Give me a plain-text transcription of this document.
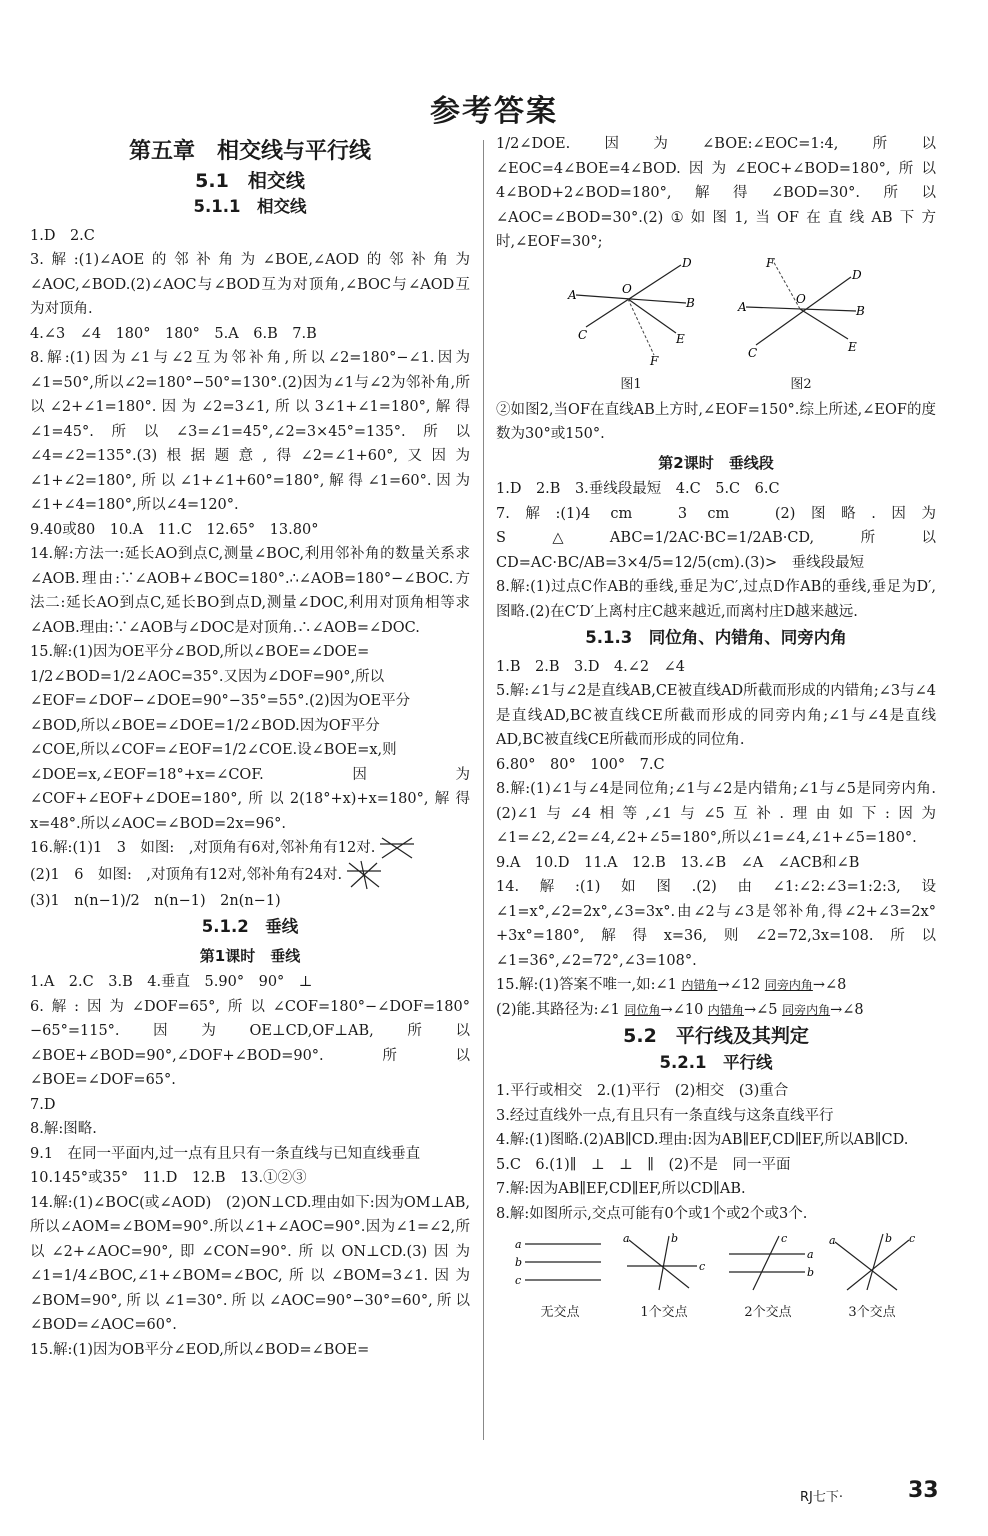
参考答案
第五章　相交线与平行线
5.1　相交线
5.1.1　相交线

1.D　2.C

3.解:(1)∠AOE的邻补角为∠BOE,∠AOD的邻补角为∠AOC,∠BOD.(2)∠AOC与∠BOD互为对顶角,∠BOC与∠AOD互为对顶角.

4.∠3　∠4　180°　180°　5.A　6.B　7.B

8.解:(1)因为∠1与∠2互为邻补角,所以∠2=180°−∠1.因为∠1=50°,所以∠2=180°−50°=130°.(2)因为∠1与∠2为邻补角,所以∠2+∠1=180°.因为∠2=3∠1,所以3∠1+∠1=180°,解得∠1=45°.所以∠3=∠1=45°,∠2=3×45°=135°.所以∠4=∠2=135°.(3)根据题意,得∠2=∠1+60°,又因为∠1+∠2=180°,所以∠1+∠1+60°=180°,解得∠1=60°.因为∠1+∠4=180°,所以∠4=120°.

9.40或80　10.A　11.C　12.65°　13.80°

14.解:方法一:延长AO到点C,测量∠BOC,利用邻补角的数量关系求∠AOB.理由:∵∠AOB+∠BOC=180°.∴∠AOB=180°−∠BOC.方法二:延长AO到点C,延长BO到点D,测量∠DOC,利用对顶角相等求∠AOB.理由:∵∠AOB与∠DOC是对顶角.∴∠AOB=∠DOC.

15.解:(1)因为OE平分∠BOD,所以∠BOE=∠DOE=

1/2∠BOD=1/2∠AOC=35°.又因为∠DOF=90°,所以

∠EOF=∠DOF−∠DOE=90°−35°=55°.(2)因为OE平分

∠BOD,所以∠BOE=∠DOE=1/2∠BOD.因为OF平分

∠COE,所以∠COF=∠EOF=1/2∠COE.设∠BOE=x,则

∠DOE=x,∠EOF=18°+x=∠COF.因为∠COF+∠EOF+∠DOE=180°,所以2(18°+x)+x=180°,解得x=48°.所以∠AOC=∠BOD=2x=96°.

16.解:(1)1　3　如图:　,对顶角有6对,邻补角有12对.

(2)1　6　如图:　,对顶角有12对,邻补角有24对.

(3)1　n(n−1)/2　n(n−1)　2n(n−1)

5.1.2　垂线
第1课时　垂线

1.A　2.C　3.B　4.垂直　5.90°　90°　⊥

6.解:因为∠DOF=65°,所以∠COF=180°−∠DOF=180°−65°=115°.因为OE⊥CD,OF⊥AB,所以∠BOE+∠BOD=90°,∠DOF+∠BOD=90°.所以∠BOE=∠DOF=65°.

7.D

8.解:图略.

9.1　在同一平面内,过一点有且只有一条直线与已知直线垂直

10.145°或35°　11.D　12.B　13.①②③

14.解:(1)∠BOC(或∠AOD)　(2)ON⊥CD.理由如下:因为OM⊥AB,所以∠AOM=∠BOM=90°.所以∠1+∠AOC=90°.因为∠1=∠2,所以∠2+∠AOC=90°,即∠CON=90°.所以ON⊥CD.(3)因为∠1=1/4∠BOC,∠1+∠BOM=∠BOC,所以∠BOM=3∠1.因为∠BOM=90°,所以∠1=30°.所以∠AOC=90°−30°=60°,所以∠BOD=∠AOC=60°.

15.解:(1)因为OB平分∠EOD,所以∠BOD=∠BOE=

1/2∠DOE.因为∠BOE:∠EOC=1:4,所以∠EOC=4∠BOE=4∠BOD.因为∠EOC+∠BOD=180°,所以4∠BOD+2∠BOD=180°,解得∠BOD=30°.所以∠AOC=∠BOD=30°.(2)①如图1,当OF在直线AB下方时,∠EOF=30°;

A
B
C
D
E
F
O
图1
A	B
C
D
E
F
O
图2

②如图2,当OF在直线AB上方时,∠EOF=150°.综上所述,∠EOF的度数为30°或150°.

第2课时　垂线段

1.D　2.B　3.垂线段最短　4.C　5.C　6.C

7.解:(1)4 cm　3 cm　(2)图略.因为S△ABC=1/2AC·BC=1/2AB·CD,所以CD=AC·BC/AB=3×4/5=12/5(cm).(3)>　垂线段最短

8.解:(1)过点C作AB的垂线,垂足为C′,过点D作AB的垂线,垂足为D′,图略.(2)在C′D′上离村庄C越来越近,而离村庄D越来越远.

5.1.3　同位角、内错角、同旁内角

1.B　2.B　3.D　4.∠2　∠4

5.解:∠1与∠2是直线AB,CE被直线AD所截而形成的内错角;∠3与∠4是直线AD,BC被直线CE所截而形成的同旁内角;∠1与∠4是直线AD,BC被直线CE所截而形成的同位角.

6.80°　80°　100°　7.C

8.解:(1)∠1与∠4是同位角;∠1与∠2是内错角;∠1与∠5是同旁内角.(2)∠1与∠4相等,∠1与∠5互补.理由如下:因为∠1=∠2,∠2=∠4,∠2+∠5=180°,所以∠1=∠4,∠1+∠5=180°.

9.A　10.D　11.A　12.B　13.∠B　∠A　∠ACB和∠B

14.解:(1)如图.(2)由∠1:∠2:∠3=1:2:3,设∠1=x°,∠2=2x°,∠3=3x°.由∠2与∠3是邻补角,得∠2+∠3=2x°+3x°=180°,解得x=36,则∠2=72,3x=108.所以∠1=36°,∠2=72°,∠3=108°.

15.解:(1)答案不唯一,如:∠1 内错角→∠12 同旁内角→∠8

(2)能.其路径为:∠1 同位角→∠10 内错角→∠5 同旁内角→∠8

5.2　平行线及其判定
5.2.1　平行线

1.平行或相交　2.(1)平行　(2)相交　(3)重合

3.经过直线外一点,有且只有一条直线与这条直线平行

4.解:(1)图略.(2)AB∥CD.理由:因为AB∥EF,CD∥EF,所以AB∥CD.

5.C　6.(1)∥　⊥　⊥　∥　(2)不是　同一平面

7.解:因为AB∥EF,CD∥EF,所以CD∥AB.

8.解:如图所示,交点可能有0个或1个或2个或3个.

a
b
c
无交点
a	b
c
1个交点
a
b
c
2个交点
a	b c
3个交点
RJ七下·	33
